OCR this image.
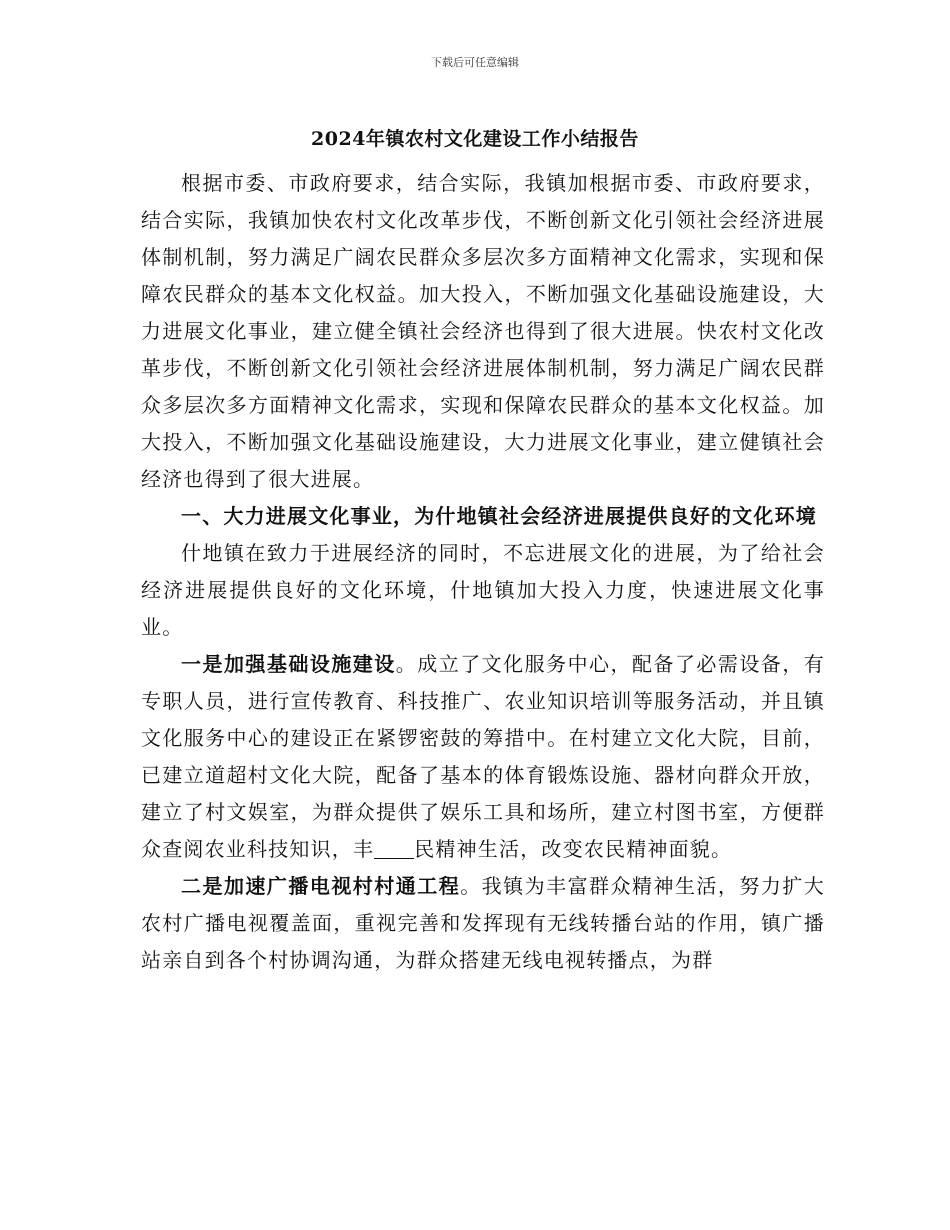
下载后可任意编辑
2024年镇农村文化建设工作小结报告

根据市委、市政府要求，结合实际，我镇加根据市委、市政府要求，结合实际，我镇加快农村文化改革步伐，不断创新文化引领社会经济进展体制机制，努力满足广阔农民群众多层次多方面精神文化需求，实现和保障农民群众的基本文化权益。加大投入，不断加强文化基础设施建设，大力进展文化事业，建立健全镇社会经济也得到了很大进展。快农村文化改革步伐，不断创新文化引领社会经济进展体制机制，努力满足广阔农民群众多层次多方面精神文化需求，实现和保障农民群众的基本文化权益。加大投入，不断加强文化基础设施建设，大力进展文化事业，建立健镇社会经济也得到了很大进展。

一、大力进展文化事业，为什地镇社会经济进展提供良好的文化环境

什地镇在致力于进展经济的同时，不忘进展文化的进展，为了给社会经济进展提供良好的文化环境，什地镇加大投入力度，快速进展文化事业。

一是加强基础设施建设。成立了文化服务中心，配备了必需设备，有专职人员，进行宣传教育、科技推广、农业知识培训等服务活动，并且镇文化服务中心的建设正在紧锣密鼓的筹措中。在村建立文化大院，目前，已建立道超村文化大院，配备了基本的体育锻炼设施、器材向群众开放，建立了村文娱室，为群众提供了娱乐工具和场所，建立村图书室，方便群众查阅农业科技知识，丰 民精神生活，改变农民精神面貌。

二是加速广播电视村村通工程。我镇为丰富群众精神生活，努力扩大农村广播电视覆盖面，重视完善和发挥现有无线转播台站的作用，镇广播站亲自到各个村协调沟通，为群众搭建无线电视转播点，为群
